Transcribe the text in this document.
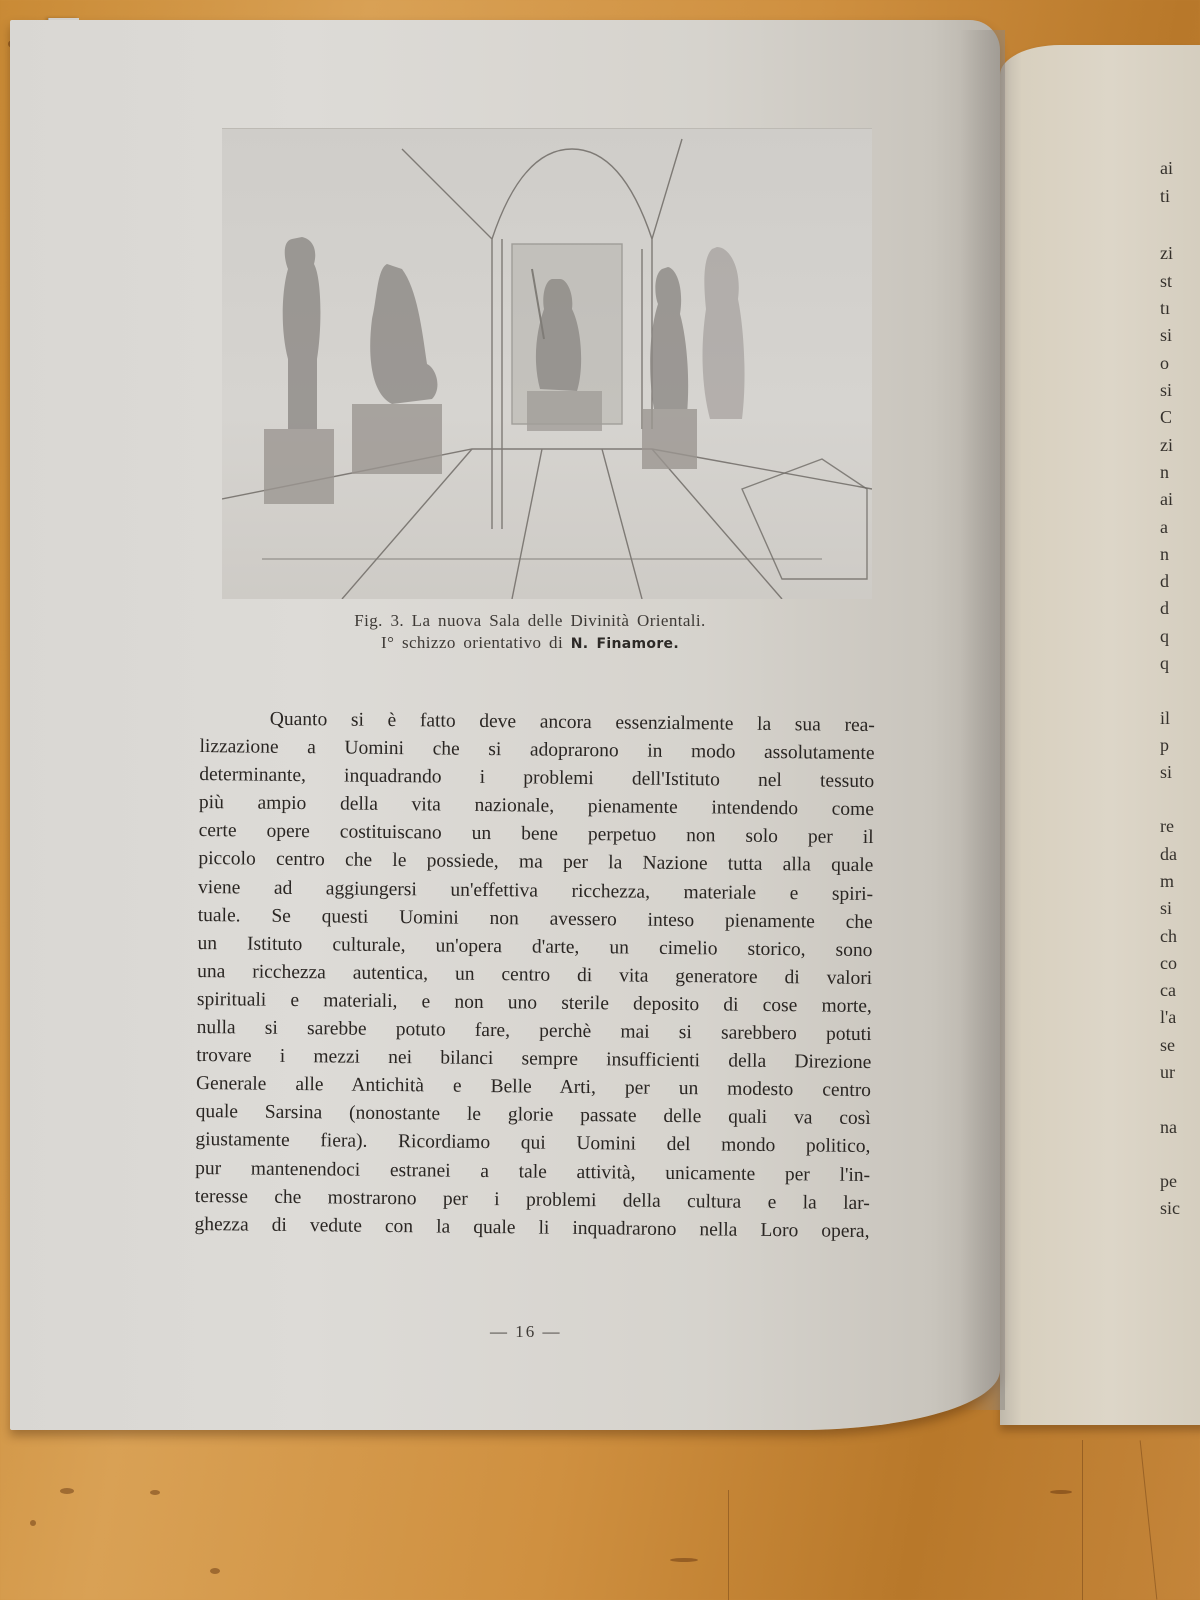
Fig. 3. La nuova Sala delle Divinità Orientali.
I° schizzo orientativo di N. Finamore.
Quanto si è fatto deve ancora essenzialmente la sua rea-
lizzazione a Uomini che si adoprarono in modo assolutamente
determinante, inquadrando i problemi dell'Istituto nel tessuto
più ampio della vita nazionale, pienamente intendendo come
certe opere costituiscano un bene perpetuo non solo per il
piccolo centro che le possiede, ma per la Nazione tutta alla quale
viene ad aggiungersi un'effettiva ricchezza, materiale e spiri-
tuale. Se questi Uomini non avessero inteso pienamente che
un Istituto culturale, un'opera d'arte, un cimelio storico, sono
una ricchezza autentica, un centro di vita generatore di valori
spirituali e materiali, e non uno sterile deposito di cose morte,
nulla si sarebbe potuto fare, perchè mai si sarebbero potuti
trovare i mezzi nei bilanci sempre insufficienti della Direzione
Generale alle Antichità e Belle Arti, per un modesto centro
quale Sarsina (nonostante le glorie passate delle quali va così
giustamente fiera). Ricordiamo qui Uomini del mondo politico,
pur mantenendoci estranei a tale attività, unicamente per l'in-
teresse che mostrarono per i problemi della cultura e la lar-
ghezza di vedute con la quale li inquadrarono nella Loro opera,
— 16 —
ai
ti
zi
st
tı
si
o
si
C
zi
n
ai
a
n
d
d
q
q
il
p
si
re
da
m
si
ch
co
ca
l'a
se
ur
na
pe
sic
